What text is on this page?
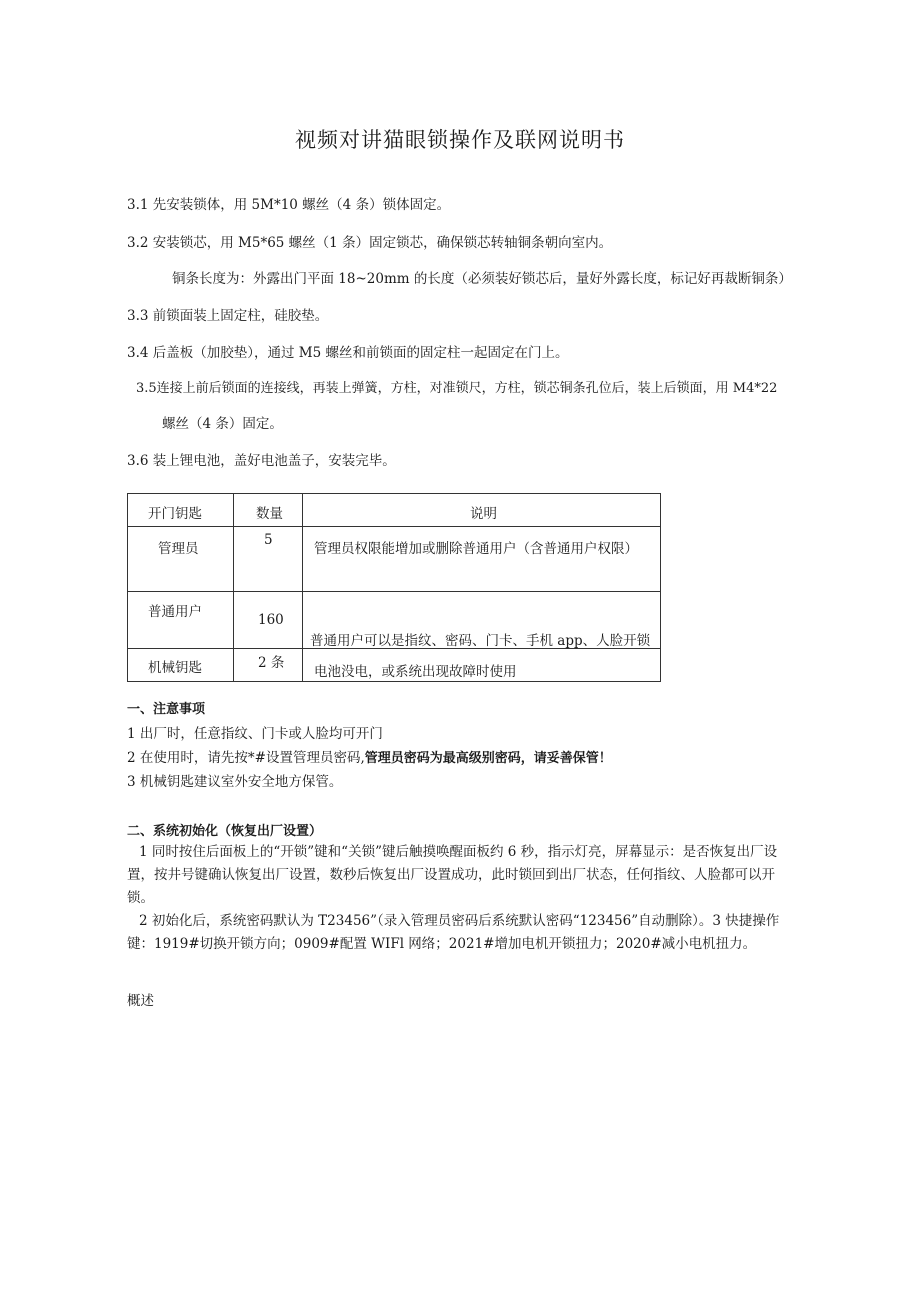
视频对讲猫眼锁操作及联网说明书
3.1 先安装锁体，用 5M*10 螺丝（4 条）锁体固定。
3.2 安装锁芯，用 M5*65 螺丝（1 条）固定锁芯，确保锁芯转轴铜条朝向室内。
铜条长度为：外露出门平面 18~20mm 的长度（必须装好锁芯后，量好外露长度，标记好再裁断铜条）
3.3 前锁面装上固定柱，硅胶垫。
3.4 后盖板（加胶垫），通过 M5 螺丝和前锁面的固定柱一起固定在门上。
3.5连接上前后锁面的连接线，再装上弹簧，方柱，对准锁尺，方柱，锁芯铜条孔位后，装上后锁面，用 M4*22
螺丝（4 条）固定。
3.6 装上锂电池，盖好电池盖子，安装完毕。
开门钥匙	数量	说明

管理员	5	管理员权限能增加或删除普通用户（含普通用户权限）

普通用户	160	普通用户可以是指纹、密码、门卡、手机 app、人脸开锁

机械钥匙	2 条	电池没电，或系统出现故障时使用
一、注意事项
1 出厂时，任意指纹、门卡或人脸均可开门
2 在使用时，请先按*#设置管理员密码,管理员密码为最高级别密码，请妥善保管！
3 机械钥匙建议室外安全地方保管。
二、系统初始化（恢复出厂设置）
1 同时按住后面板上的“开锁”键和“关锁”键后触摸唤醒面板约 6 秒，指示灯亮，屏幕显示：是否恢复出厂设置，按井号键确认恢复出厂设置，数秒后恢复出厂设置成功，此时锁回到出厂状态，任何指纹、人脸都可以开锁。
2 初始化后，系统密码默认为 T23456”（录入管理员密码后系统默认密码“123456”自动删除）。3 快捷操作键：1919#切换开锁方向；0909#配置 WIFl 网络；2021#增加电机开锁扭力；2020#减小电机扭力。
概述
